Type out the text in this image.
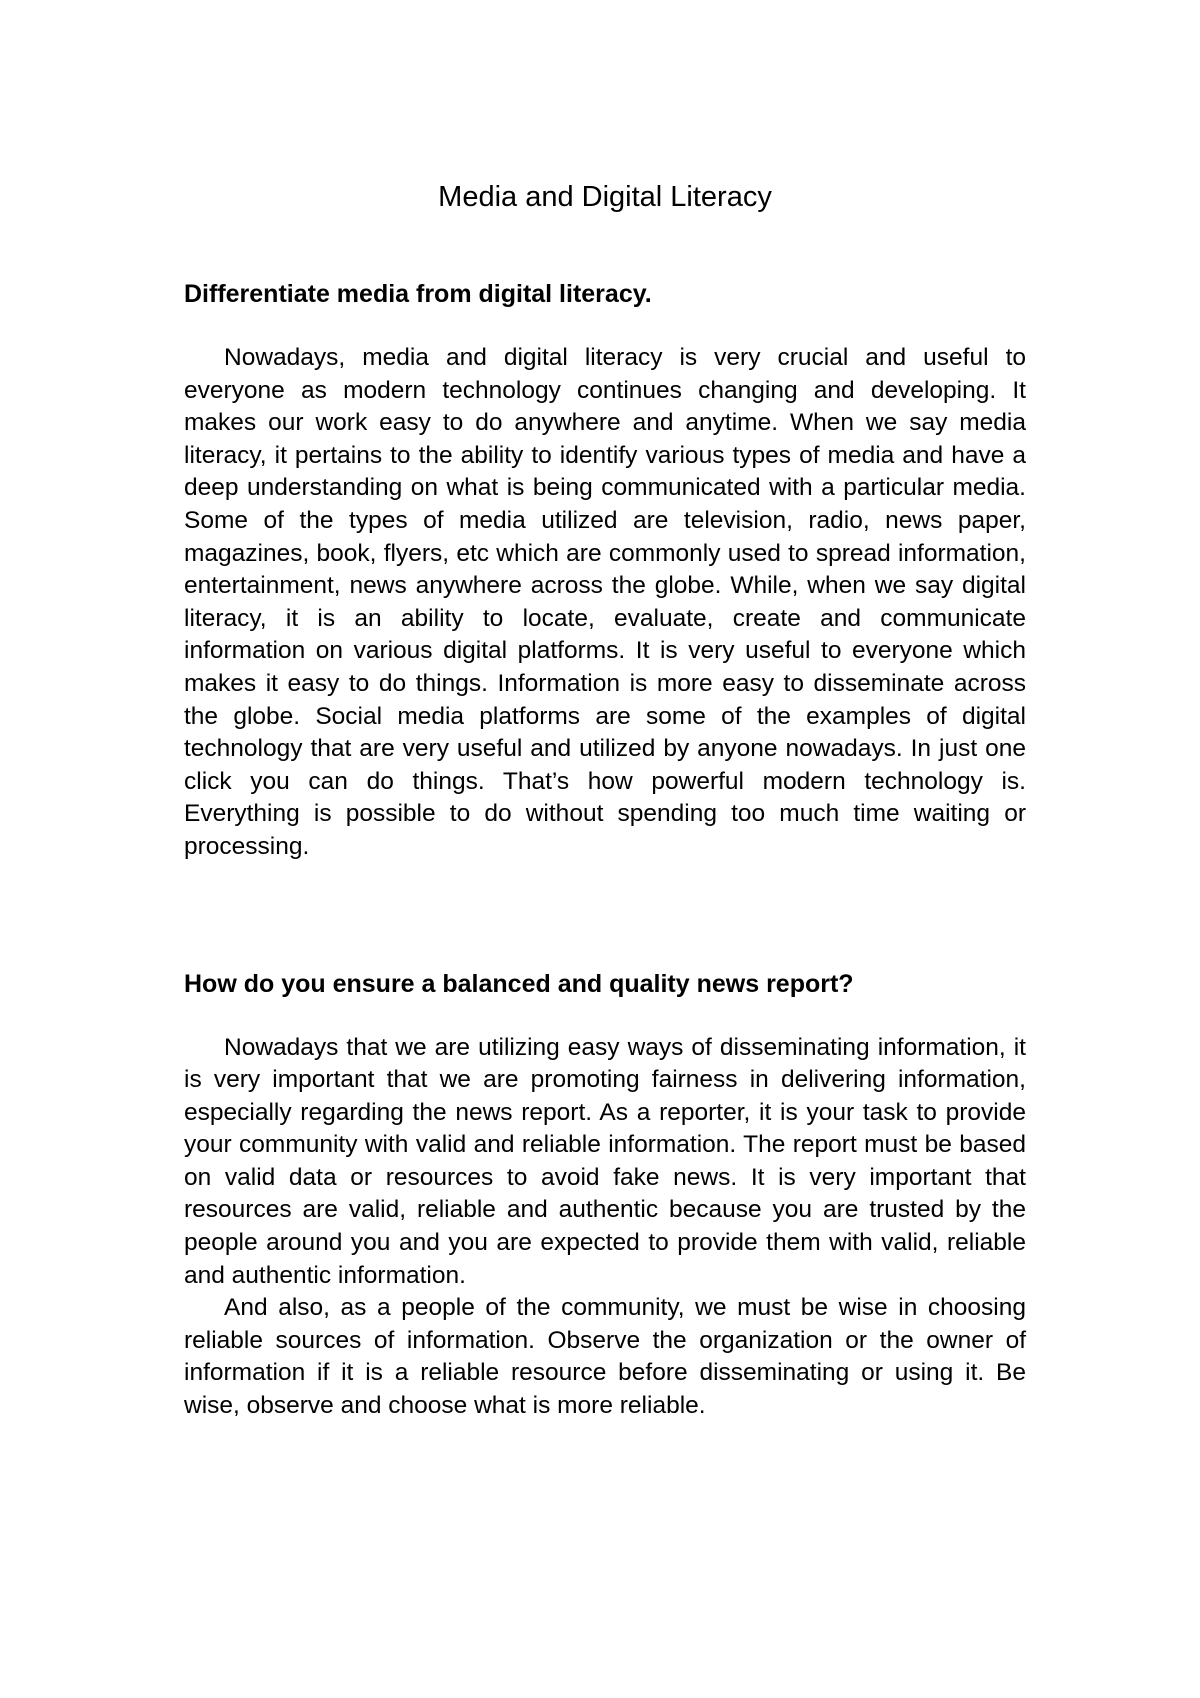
Media and Digital Literacy
Differentiate media from digital literacy.

Nowadays, media and digital literacy is very crucial and useful to everyone as modern technology continues changing and developing. It makes our work easy to do anywhere and anytime. When we say media literacy, it pertains to the ability to identify various types of media and have a deep understanding on what is being communicated with a particular media. Some of the types of media utilized are television, radio, news paper, magazines, book, flyers, etc which are commonly used to spread information, entertainment, news anywhere across the globe. While, when we say digital literacy, it is an ability to locate, evaluate, create and communicate information on various digital platforms. It is very useful to everyone which makes it easy to do things. Information is more easy to disseminate across the globe. Social media platforms are some of the examples of digital technology that are very useful and utilized by anyone nowadays. In just one click you can do things. That’s how powerful modern technology is. Everything is possible to do without spending too much time waiting or processing.

How do you ensure a balanced and quality news report?

Nowadays that we are utilizing easy ways of disseminating information, it is very important that we are promoting fairness in delivering information, especially regarding the news report. As a reporter, it is your task to provide your community with valid and reliable information. The report must be based on valid data or resources to avoid fake news. It is very important that resources are valid, reliable and authentic because you are trusted by the people around you and you are expected to provide them with valid, reliable and authentic information.

And also, as a people of the community, we must be wise in choosing reliable sources of information. Observe the organization or the owner of information if it is a reliable resource before disseminating or using it. Be wise, observe and choose what is more reliable.
